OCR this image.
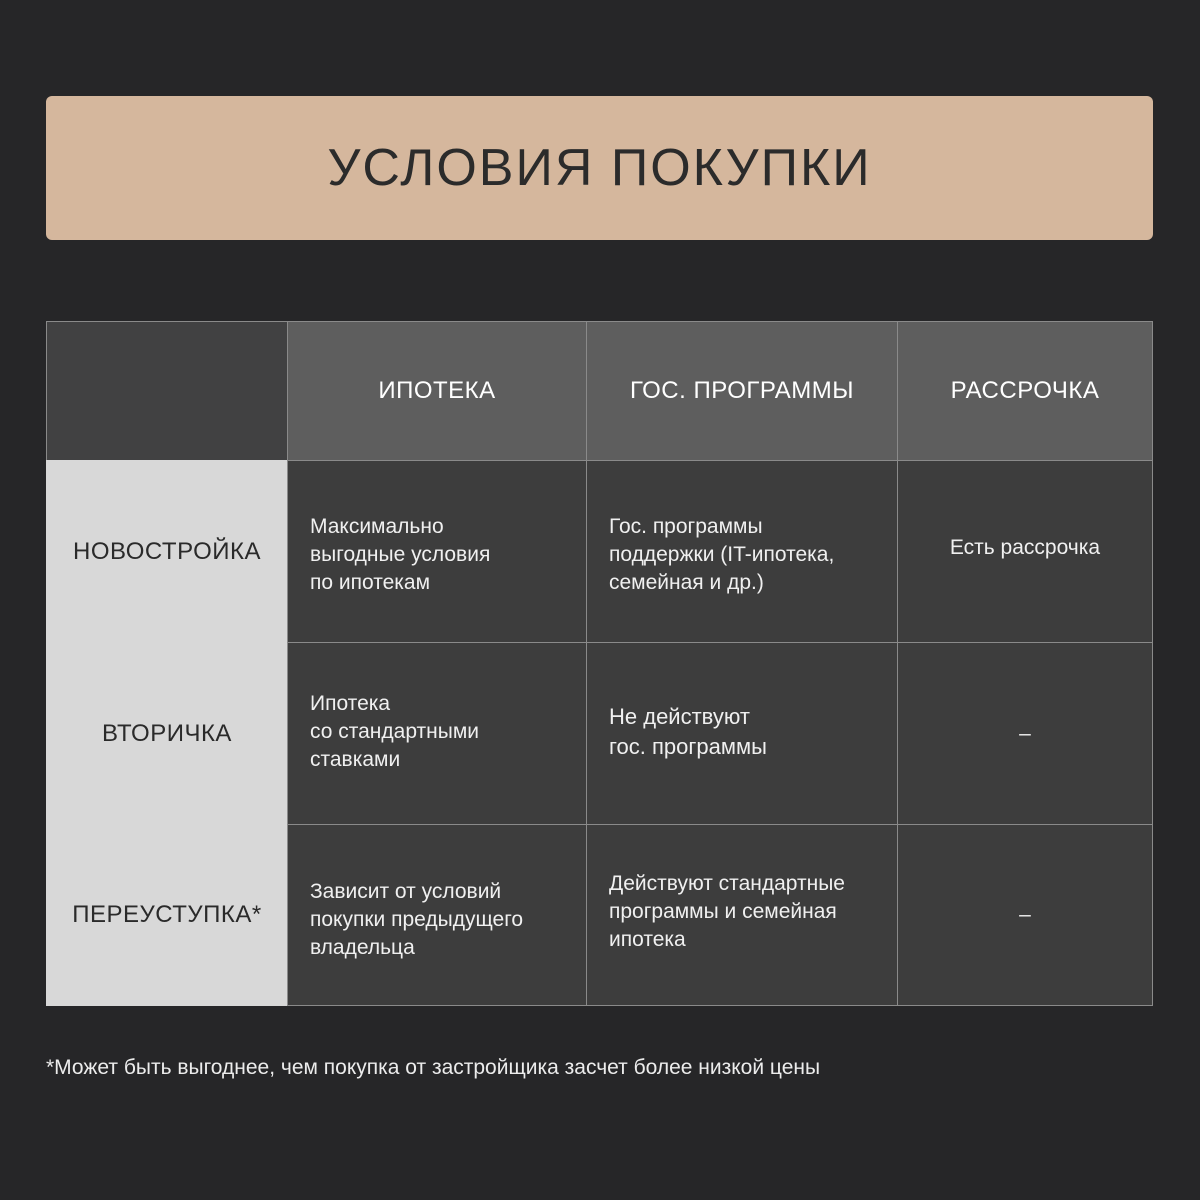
УСЛОВИЯ ПОКУПКИ
ИПОТЕКА	ГОС. ПРОГРАММЫ	РАССРОЧКА
НОВОСТРОЙКА
Максимально
выгодные условия
по ипотекам
Гос. программы
поддержки (IT-ипотека,
семейная и др.)
Есть рассрочка
ВТОРИЧКА
Ипотека
со стандартными
ставками
Не действуют
гос. программы
–
ПЕРЕУСТУПКА*
Зависит от условий
покупки предыдущего
владельца
Действуют стандартные
программы и семейная
ипотека
–
*Может быть выгоднее, чем покупка от застройщика засчет более низкой цены
